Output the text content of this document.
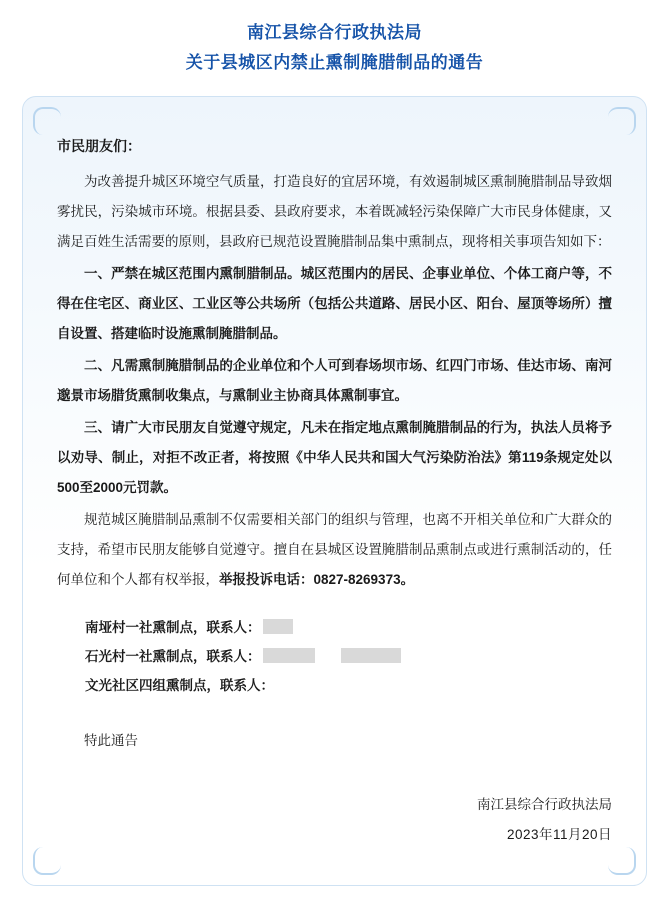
南江县综合行政执法局
关于县城区内禁止熏制腌腊制品的通告
市民朋友们：

为改善提升城区环境空气质量，打造良好的宜居环境，有效遏制城区熏制腌腊制品导致烟雾扰民，污染城市环境。根据县委、县政府要求，本着既减轻污染保障广大市民身体健康，又满足百姓生活需要的原则，县政府已规范设置腌腊制品集中熏制点，现将相关事项告知如下：

一、严禁在城区范围内熏制腊制品。城区范围内的居民、企事业单位、个体工商户等，不得在住宅区、商业区、工业区等公共场所（包括公共道路、居民小区、阳台、屋顶等场所）擅自设置、搭建临时设施熏制腌腊制品。

二、凡需熏制腌腊制品的企业单位和个人可到春场坝市场、红四门市场、佳达市场、南河邈景市场腊货熏制收集点，与熏制业主协商具体熏制事宜。

三、请广大市民朋友自觉遵守规定，凡未在指定地点熏制腌腊制品的行为，执法人员将予以劝导、制止，对拒不改正者，将按照《中华人民共和国大气污染防治法》第119条规定处以500至2000元罚款。

规范城区腌腊制品熏制不仅需要相关部门的组织与管理，也离不开相关单位和广大群众的支持，希望市民朋友能够自觉遵守。擅自在县城区设置腌腊制品熏制点或进行熏制活动的，任何单位和个人都有权举报，举报投诉电话：0827-8269373。

南垭村一社熏制点，联系人：
石光村一社熏制点，联系人：
文光社区四组熏制点，联系人：
特此通告
南江县综合行政执法局
2023年11月20日
